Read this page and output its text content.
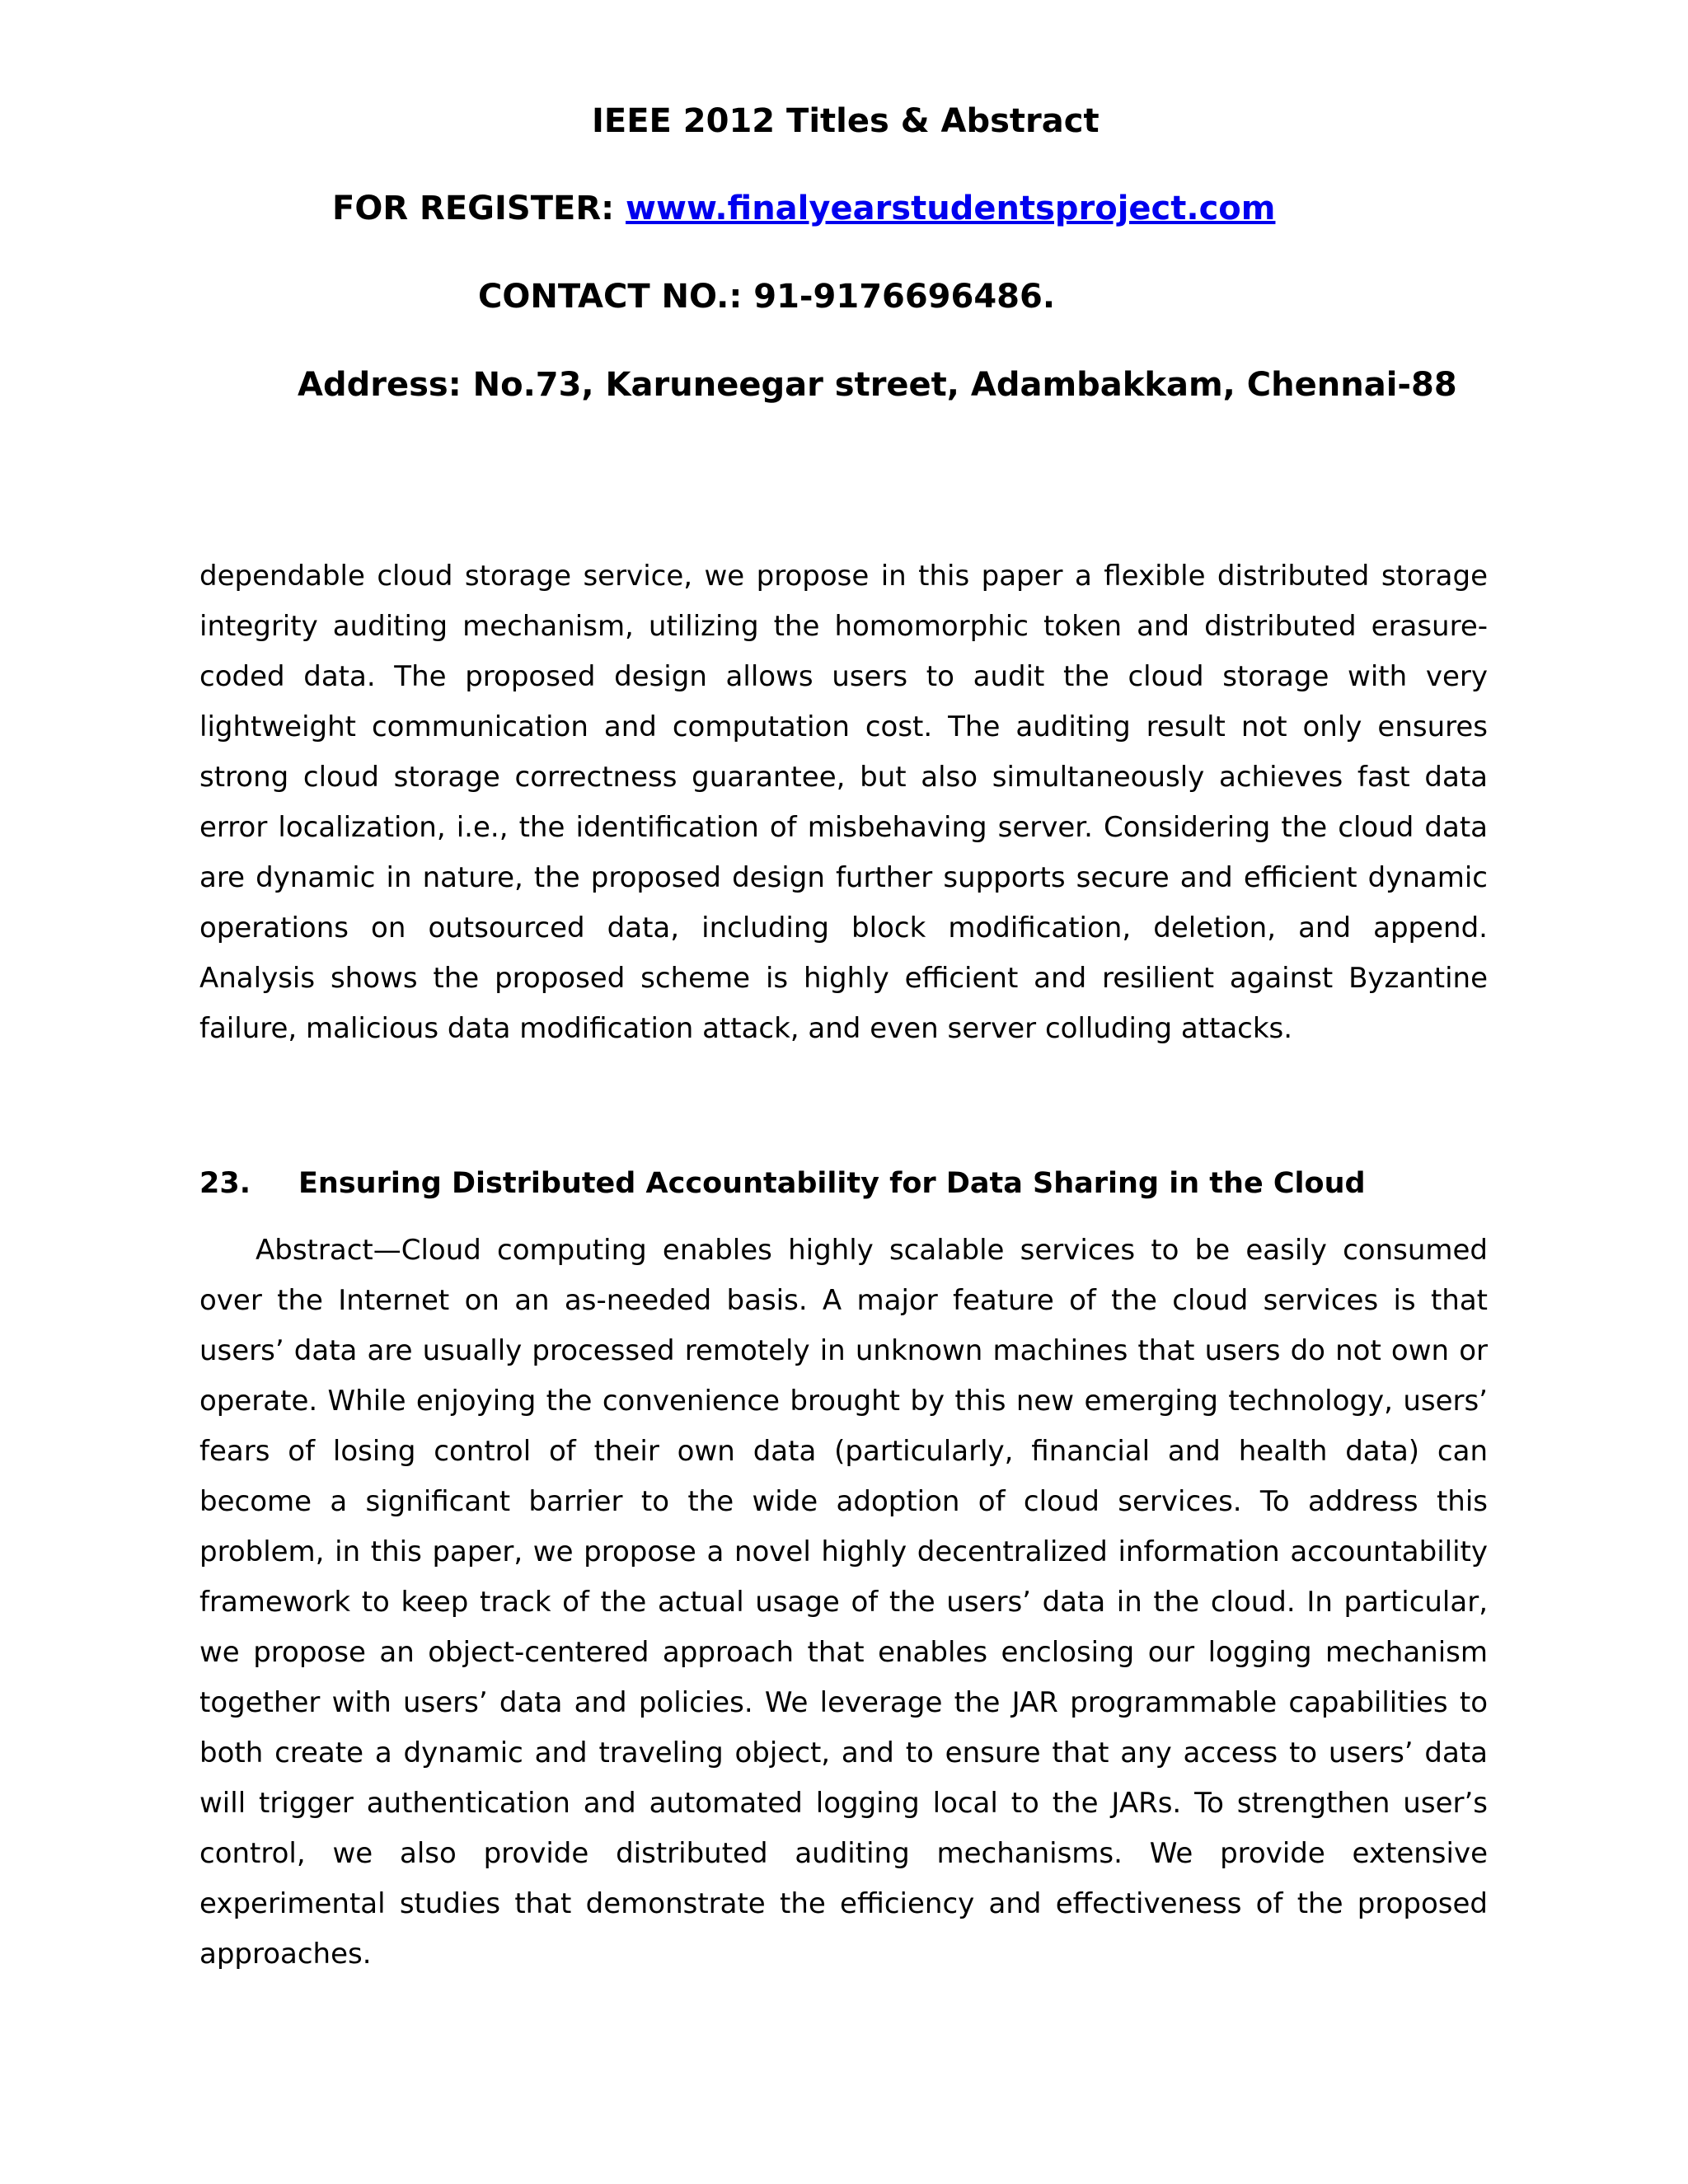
IEEE 2012 Titles & Abstract
FOR REGISTER: www.finalyearstudentsproject.com
CONTACT NO.: 91-9176696486.
Address: No.73, Karuneegar street, Adambakkam, Chennai-88

dependable cloud storage service, we propose in this paper a flexible distributed storage integrity auditing mechanism, utilizing the homomorphic token and distributed erasure-coded data. The proposed design allows users to audit the cloud storage with very lightweight communication and computation cost. The auditing result not only ensures strong cloud storage correctness guarantee, but also simultaneously achieves fast data error localization, i.e., the identification of misbehaving server. Considering the cloud data are dynamic in nature, the proposed design further supports secure and efficient dynamic operations on outsourced data, including block modification, deletion, and append. Analysis shows the proposed scheme is highly efficient and resilient against Byzantine failure, malicious data modification attack, and even server colluding attacks.

23. Ensuring Distributed Accountability for Data Sharing in the Cloud

Abstract—Cloud computing enables highly scalable services to be easily consumed over the Internet on an as-needed basis. A major feature of the cloud services is that users’ data are usually processed remotely in unknown machines that users do not own or operate. While enjoying the convenience brought by this new emerging technology, users’ fears of losing control of their own data (particularly, financial and health data) can become a significant barrier to the wide adoption of cloud services. To address this problem, in this paper, we propose a novel highly decentralized information accountability framework to keep track of the actual usage of the users’ data in the cloud. In particular, we propose an object-centered approach that enables enclosing our logging mechanism together with users’ data and policies. We leverage the JAR programmable capabilities to both create a dynamic and traveling object, and to ensure that any access to users’ data will trigger authentication and automated logging local to the JARs. To strengthen user’s control, we also provide distributed auditing mechanisms. We provide extensive experimental studies that demonstrate the efficiency and effectiveness of the proposed approaches.
